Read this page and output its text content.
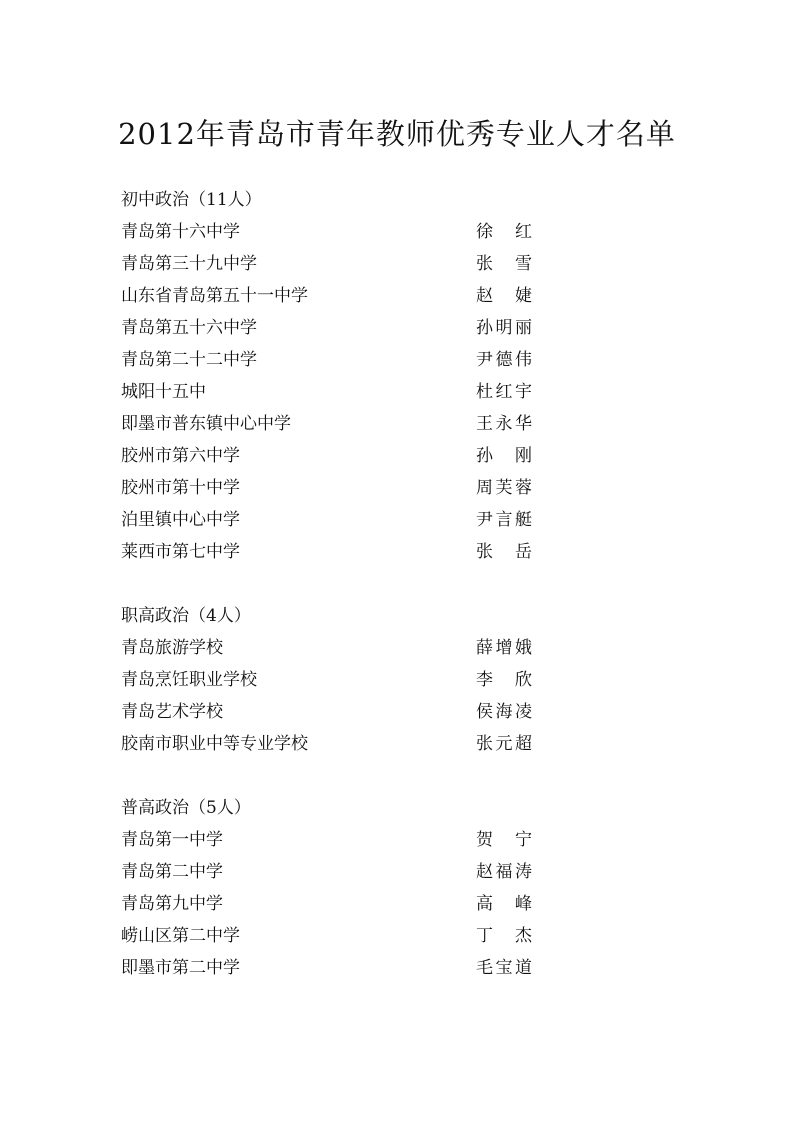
2012年青岛市青年教师优秀专业人才名单
初中政治（11人）
青岛第十六中学	徐 红
青岛第三十九中学	张 雪
山东省青岛第五十一中学	赵 婕
青岛第五十六中学	孙明丽
青岛第二十二中学	尹德伟
城阳十五中	杜红宇
即墨市普东镇中心中学	王永华
胶州市第六中学	孙 刚
胶州市第十中学	周芙蓉
泊里镇中心中学	尹言艇
莱西市第七中学	张 岳
职高政治（4人）
青岛旅游学校	薛增娥
青岛烹饪职业学校	李 欣
青岛艺术学校	侯海凌
胶南市职业中等专业学校	张元超
普高政治（5人）
青岛第一中学	贺 宁
青岛第二中学	赵福涛
青岛第九中学	高 峰
崂山区第二中学	丁 杰
即墨市第二中学	毛宝道
